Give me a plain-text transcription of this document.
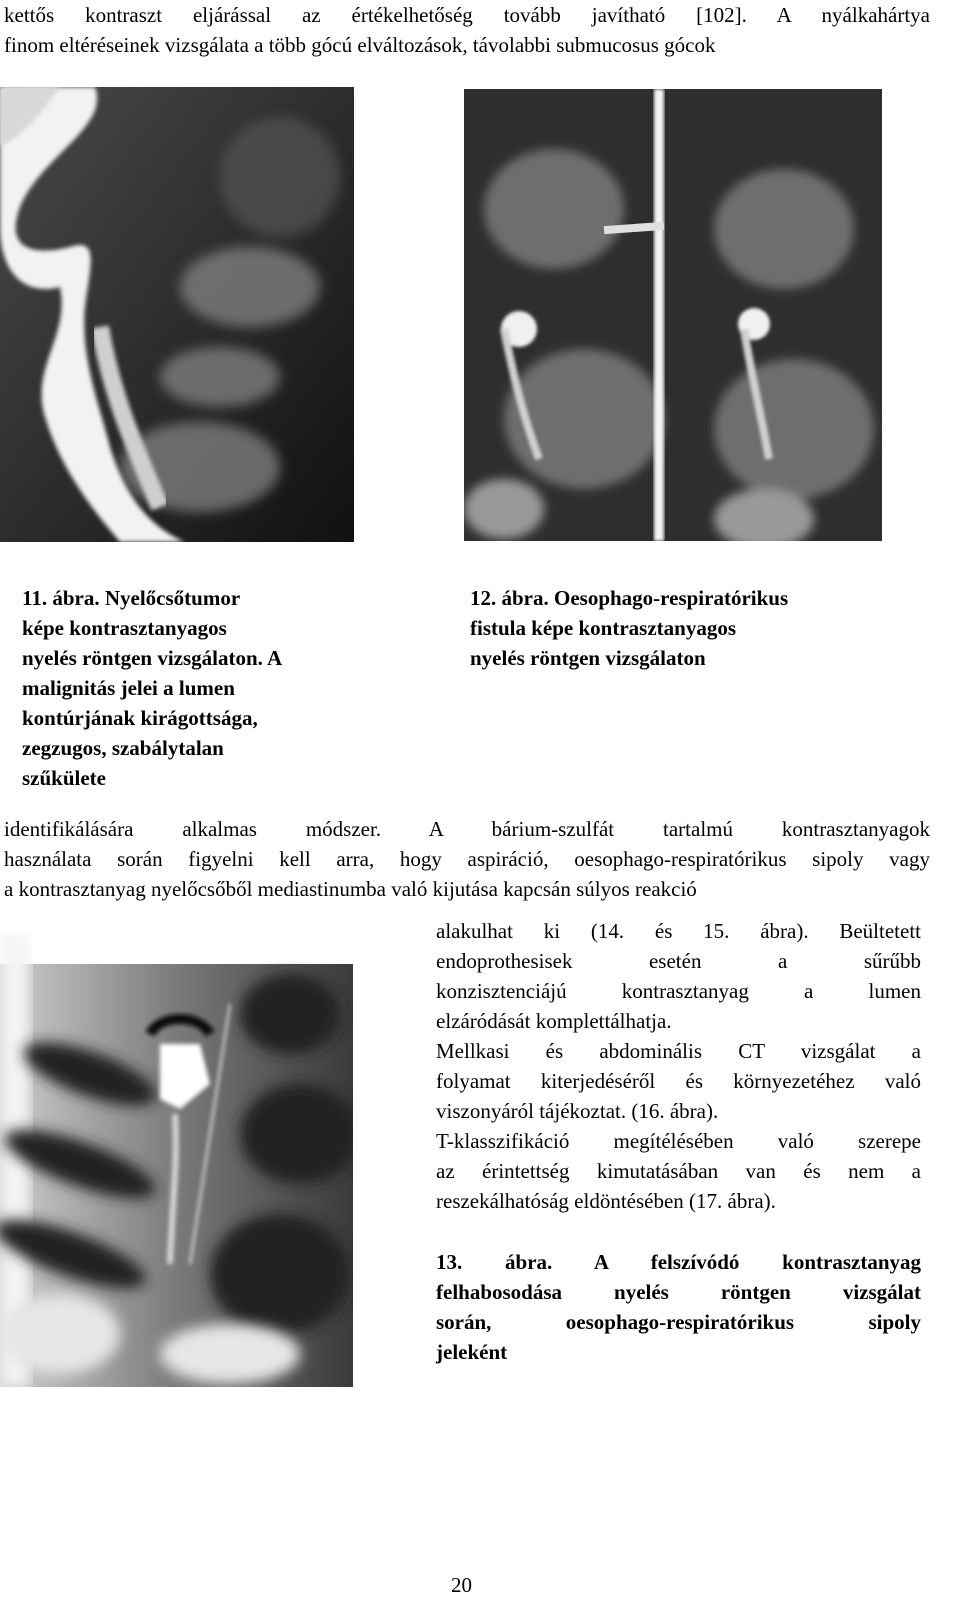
kettős kontraszt eljárással az értékelhetőség tovább javítható [102]. A nyálkahártya
finom eltéréseinek vizsgálata a több gócú elváltozások, távolabbi submucosus gócok
11. ábra. Nyelőcsőtumor
képe kontrasztanyagos
nyelés röntgen vizsgálaton. A
malignitás jelei a lumen
kontúrjának kirágottsága,
zegzugos, szabálytalan
szűkülete
12. ábra. Oesophago-respiratórikus
fistula képe kontrasztanyagos
nyelés röntgen vizsgálaton
identifikálására alkalmas módszer. A bárium-szulfát tartalmú kontrasztanyagok
használata során figyelni kell arra, hogy aspiráció, oesophago-respiratórikus sipoly vagy
a kontrasztanyag nyelőcsőből mediastinumba való kijutása kapcsán súlyos reakció
alakulhat ki (14. és 15. ábra). Beültetett
endoprothesisek esetén a sűrűbb
konzisztenciájú kontrasztanyag a lumen
elzáródását komplettálhatja.
Mellkasi és abdominális CT vizsgálat a
folyamat kiterjedéséről és környezetéhez való
viszonyáról tájékoztat. (16. ábra).
T-klasszifikáció megítélésében való szerepe
az érintettség kimutatásában van és nem a
reszekálhatóság eldöntésében (17. ábra).
13. ábra. A felszívódó kontrasztanyag
felhabosodása nyelés röntgen vizsgálat
során, oesophago-respiratórikus sipoly
jeleként
20
